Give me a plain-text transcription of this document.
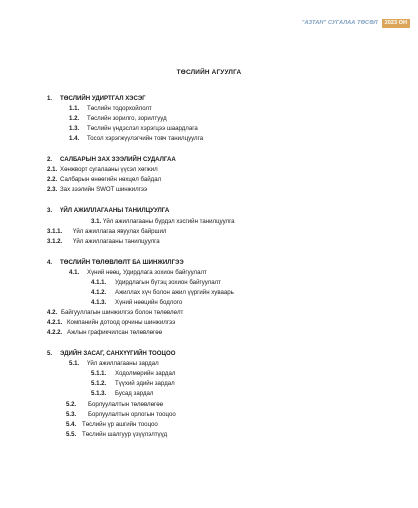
"АЗТАН" СУГАЛАА ТӨСӨЛ	2023 ОН
ТӨСЛИЙН АГУУЛГА
1. ТӨСЛИЙН УДИРТГАЛ ХЭСЭГ
1.1. Төслийн тодорхойлолт
1.2. Төслийн зорилго, зорилтууд
1.3. Төслийн үндэслэл хэрэгцээ шаардлага
1.4. Тосол хэрэгжүүлэгчийн товч танилцуулга
2. САЛБАРЫН ЗАХ ЗЭЭЛИЙН СУДАЛГАА
2.1. Хөнжворт сугалааны үүсэл хөгжил
2.2. Салбарын өнөөгийн нөхцөл байдал
2.3. Зах зээлийн SWOT шинжилгээ
3. ҮЙЛ АЖИЛЛАГААНЫ ТАНИЛЦУУЛГА
3.1. Үйл ажиллагааны бүрдэл хэсгийн танилцуулга
3.1.1. Үйл ажиллагаа явуулах байршил
3.1.2. Үйл ажиллагааны танилцуулга
4. ТӨСЛИЙН ТӨЛӨВЛӨЛТ БА ШИНЖИЛГЭЭ
4.1. Хүний нөөц, Удирдлага зохион байгуулалт
4.1.1. Удирдлагын бүтэц зохион байгуулалт
4.1.2. Ажиллах хүч болон ажил үүргийн хуваарь
4.1.3. Хүний нөөцийн бодлого
4.2. Байгууллагын шинжилгээ болон төлөвлөлт
4.2.1. Компанийн дотоод орчины шинжилгээ
4.2.2. Ажлын графикчилсан төлөвлөгөө
5. ЭДИЙН ЗАСАГ, САНХҮҮГИЙН ТООЦОО
5.1. Үйл ажиллагааны зардал
5.1.1. Ходолмөрийн зардал
5.1.2. Түүхий эдийн зардал
5.1.3. Бусад зардал
5.2. Борлуулалтын төлөвлөгөө
5.3. Борлуулалтын орлогын тооцоо
5.4. Төслийн үр ашгийн тооцоо
5.5. Төслийн шалгуур үзүүлэлтүүд
